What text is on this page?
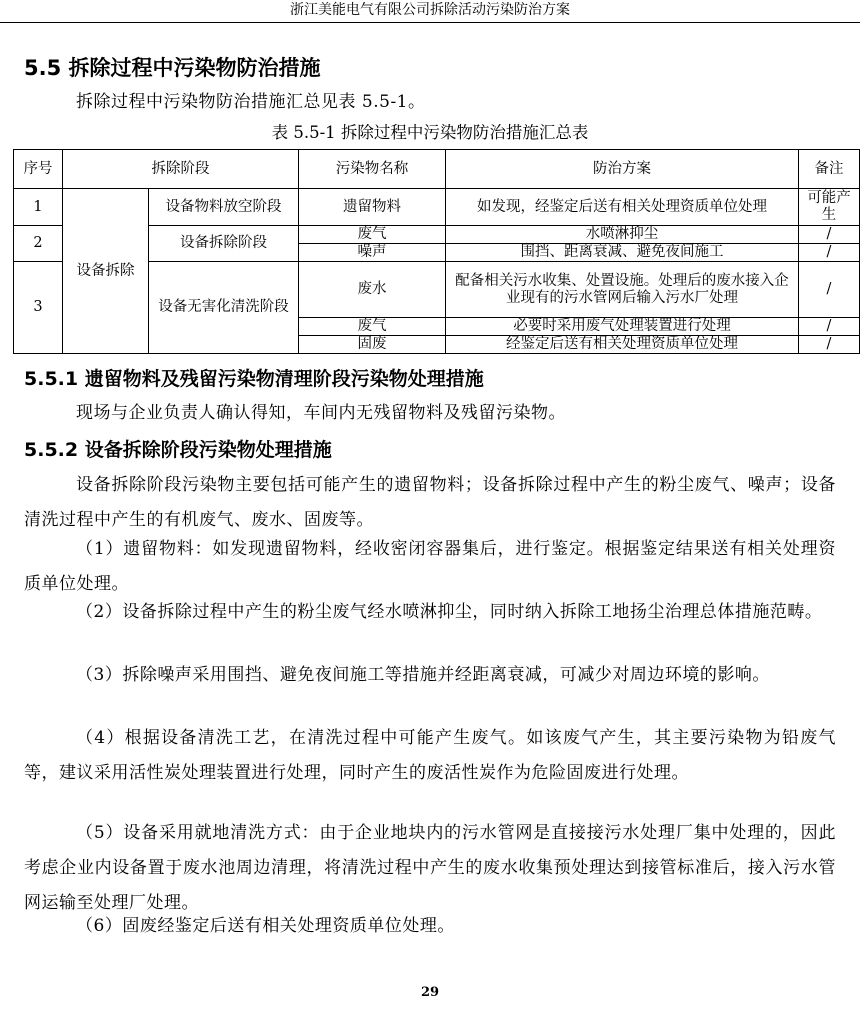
浙江美能电气有限公司拆除活动污染防治方案
5.5 拆除过程中污染物防治措施
拆除过程中污染物防治措施汇总见表 5.5-1。
表 5.5-1 拆除过程中污染物防治措施汇总表
序号	拆除阶段		污染物名称	防治方案	备注
1	设备拆除	设备物料放空阶段	遗留物料	如发现，经鉴定后送有相关处理资质单位处理	可能产生
2		设备拆除阶段	废气	水喷淋抑尘	/
			噪声	围挡、距离衰减、避免夜间施工	/
3		设备无害化清洗阶段	废水	配备相关污水收集、处置设施。处理后的废水接入企业现有的污水管网后输入污水厂处理	/
			废气	必要时采用废气处理装置进行处理	/
			固废	经鉴定后送有相关处理资质单位处理	/
5.5.1 遗留物料及残留污染物清理阶段污染物处理措施
现场与企业负责人确认得知，车间内无残留物料及残留污染物。
5.5.2 设备拆除阶段污染物处理措施
设备拆除阶段污染物主要包括可能产生的遗留物料；设备拆除过程中产生的粉尘废气、噪声；设备清洗过程中产生的有机废气、废水、固废等。
（1）遗留物料：如发现遗留物料，经收密闭容器集后，进行鉴定。根据鉴定结果送有相关处理资质单位处理。
（2）设备拆除过程中产生的粉尘废气经水喷淋抑尘，同时纳入拆除工地扬尘治理总体措施范畴。
（3）拆除噪声采用围挡、避免夜间施工等措施并经距离衰减，可减少对周边环境的影响。
（4）根据设备清洗工艺，在清洗过程中可能产生废气。如该废气产生，其主要污染物为铅废气等，建议采用活性炭处理装置进行处理，同时产生的废活性炭作为危险固废进行处理。
（5）设备采用就地清洗方式：由于企业地块内的污水管网是直接接污水处理厂集中处理的，因此考虑企业内设备置于废水池周边清理，将清洗过程中产生的废水收集预处理达到接管标准后，接入污水管网运输至处理厂处理。
（6）固废经鉴定后送有相关处理资质单位处理。
29
